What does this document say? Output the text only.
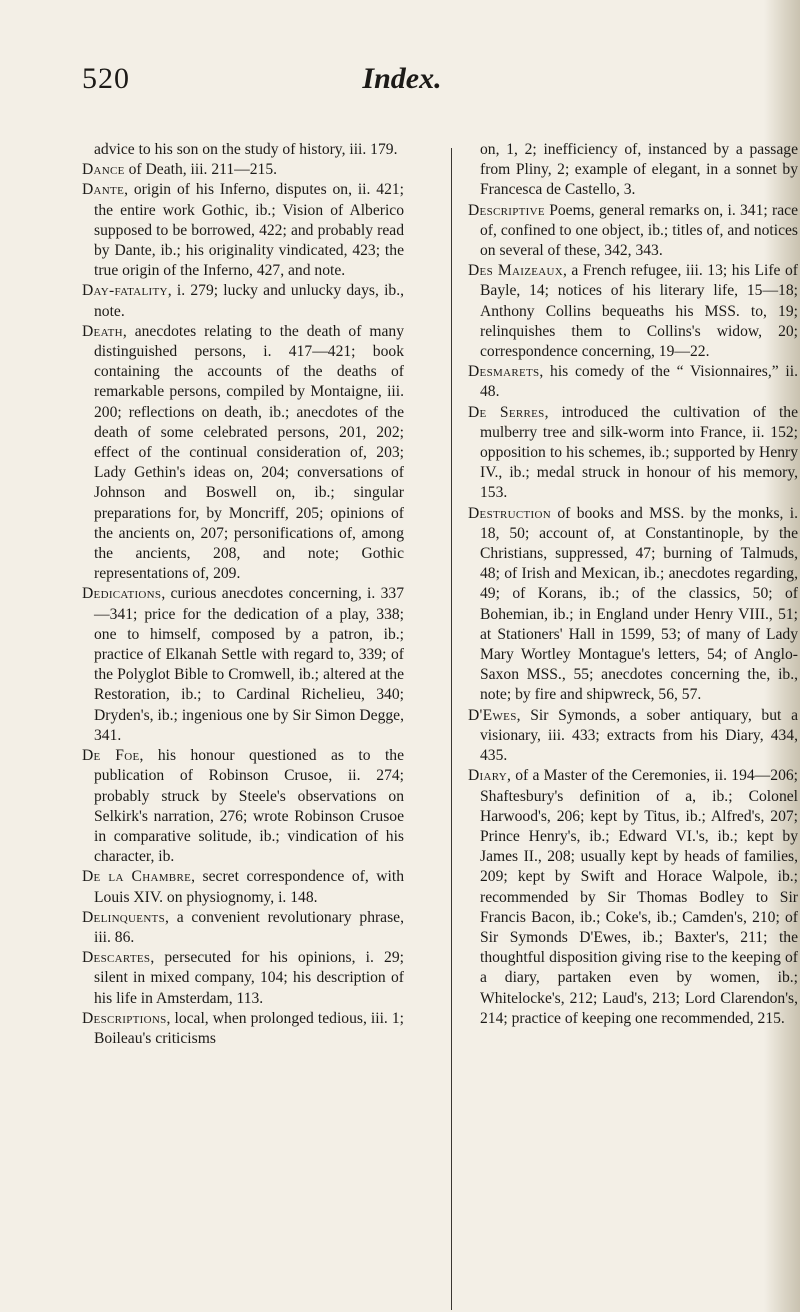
520	Index.

advice to his son on the study of history, iii. 179.

Dance of Death, iii. 211—215.

Dante, origin of his Inferno, disputes on, ii. 421; the entire work Gothic, ib.; Vision of Alberico supposed to be borrowed, 422; and probably read by Dante, ib.; his originality vindicated, 423; the true origin of the Inferno, 427, and note.

Day-fatality, i. 279; lucky and unlucky days, ib., note.

Death, anecdotes relating to the death of many distinguished persons, i. 417—421; book containing the accounts of the deaths of remarkable persons, compiled by Montaigne, iii. 200; reflections on death, ib.; anecdotes of the death of some celebrated persons, 201, 202; effect of the continual consideration of, 203; Lady Gethin's ideas on, 204; conversations of Johnson and Boswell on, ib.; singular preparations for, by Moncriff, 205; opinions of the ancients on, 207; personifications of, among the ancients, 208, and note; Gothic representations of, 209.

Dedications, curious anecdotes concerning, i. 337—341; price for the dedication of a play, 338; one to himself, composed by a patron, ib.; practice of Elkanah Settle with regard to, 339; of the Polyglot Bible to Cromwell, ib.; altered at the Restoration, ib.; to Cardinal Richelieu, 340; Dryden's, ib.; ingenious one by Sir Simon Degge, 341.

De Foe, his honour questioned as to the publication of Robinson Crusoe, ii. 274; probably struck by Steele's observations on Selkirk's narration, 276; wrote Robinson Crusoe in comparative solitude, ib.; vindication of his character, ib.

De la Chambre, secret correspondence of, with Louis XIV. on physiognomy, i. 148.

Delinquents, a convenient revolutionary phrase, iii. 86.

Descartes, persecuted for his opinions, i. 29; silent in mixed company, 104; his description of his life in Amsterdam, 113.

Descriptions, local, when prolonged tedious, iii. 1; Boileau's criticisms

on, 1, 2; inefficiency of, instanced by a passage from Pliny, 2; example of elegant, in a sonnet by Francesca de Castello, 3.

Descriptive Poems, general remarks on, i. 341; race of, confined to one object, ib.; titles of, and notices on several of these, 342, 343.

Des Maizeaux, a French refugee, iii. 13; his Life of Bayle, 14; notices of his literary life, 15—18; Anthony Collins bequeaths his MSS. to, 19; relinquishes them to Collins's widow, 20; correspondence concerning, 19—22.

Desmarets, his comedy of the “ Visionnaires,” ii. 48.

De Serres, introduced the cultivation of the mulberry tree and silk-worm into France, ii. 152; opposition to his schemes, ib.; supported by Henry IV., ib.; medal struck in honour of his memory, 153.

Destruction of books and MSS. by the monks, i. 18, 50; account of, at Constantinople, by the Christians, suppressed, 47; burning of Talmuds, 48; of Irish and Mexican, ib.; anecdotes regarding, 49; of Korans, ib.; of the classics, 50; of Bohemian, ib.; in England under Henry VIII., 51; at Stationers' Hall in 1599, 53; of many of Lady Mary Wortley Montague's letters, 54; of Anglo-Saxon MSS., 55; anecdotes concerning the, ib., note; by fire and shipwreck, 56, 57.

D'Ewes, Sir Symonds, a sober antiquary, but a visionary, iii. 433; extracts from his Diary, 434, 435.

Diary, of a Master of the Ceremonies, ii. 194—206; Shaftesbury's definition of a, ib.; Colonel Harwood's, 206; kept by Titus, ib.; Alfred's, 207; Prince Henry's, ib.; Edward VI.'s, ib.; kept by James II., 208; usually kept by heads of families, 209; kept by Swift and Horace Walpole, ib.; recommended by Sir Thomas Bodley to Sir Francis Bacon, ib.; Coke's, ib.; Camden's, 210; of Sir Symonds D'Ewes, ib.; Baxter's, 211; the thoughtful disposition giving rise to the keeping of a diary, partaken even by women, ib.; Whitelocke's, 212; Laud's, 213; Lord Clarendon's, 214; practice of keeping one recommended, 215.
